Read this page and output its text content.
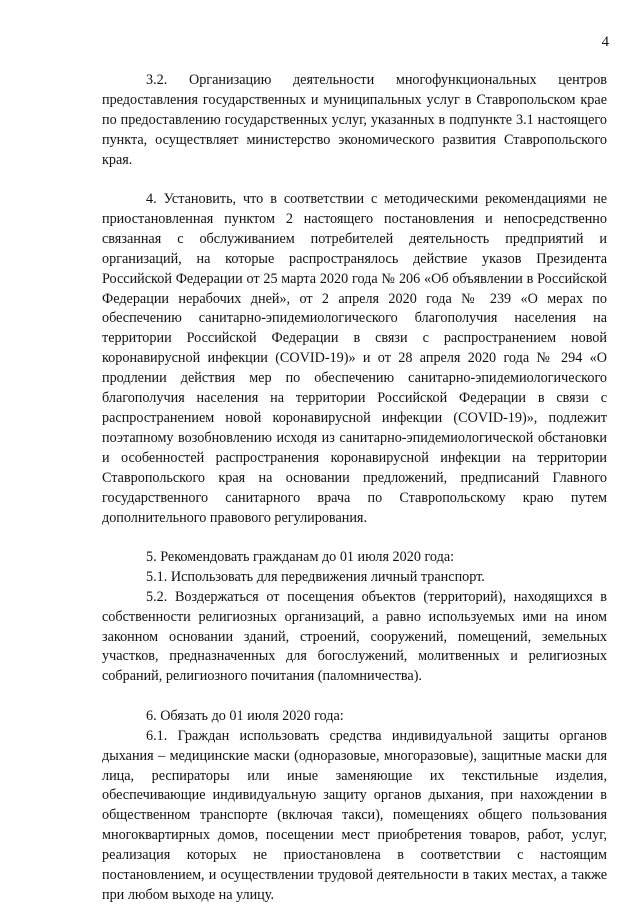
4

3.2. Организацию деятельности многофункциональных центров предоставления государственных и муниципальных услуг в Ставропольском крае по предоставлению государственных услуг, указанных в подпункте 3.1 настоящего пункта, осуществляет министерство экономического развития Ставропольского края.

4. Установить, что в соответствии с методическими рекомендациями не приостановленная пунктом 2 настоящего постановления и непосредственно связанная с обслуживанием потребителей деятельность предприятий и организаций, на которые распространялось действие указов Президента Российской Федерации от 25 марта 2020 года № 206 «Об объявлении в Российской Федерации нерабочих дней», от 2 апреля 2020 года № 239 «О мерах по обеспечению санитарно-эпидемиологического благополучия населения на территории Российской Федерации в связи с распространением новой коронавирусной инфекции (COVID-19)» и от 28 апреля 2020 года № 294 «О продлении действия мер по обеспечению санитарно-эпидемиологического благополучия населения на территории Российской Федерации в связи с распространением новой коронавирусной инфекции (COVID-19)», подлежит поэтапному возобновлению исходя из санитарно-эпидемиологической обстановки и особенностей распространения коронавирусной инфекции на территории Ставропольского края на основании предложений, предписаний Главного государственного санитарного врача по Ставропольскому краю путем дополнительного правового регулирования.

5. Рекомендовать гражданам до 01 июля 2020 года:

5.1. Использовать для передвижения личный транспорт.

5.2. Воздержаться от посещения объектов (территорий), находящихся в собственности религиозных организаций, а равно используемых ими на ином законном основании зданий, строений, сооружений, помещений, земельных участков, предназначенных для богослужений, молитвенных и религиозных собраний, религиозного почитания (паломничества).

6. Обязать до 01 июля 2020 года:

6.1. Граждан использовать средства индивидуальной защиты органов дыхания – медицинские маски (одноразовые, многоразовые), защитные маски для лица, респираторы или иные заменяющие их текстильные изделия, обеспечивающие индивидуальную защиту органов дыхания, при нахождении в общественном транспорте (включая такси), помещениях общего пользования многоквартирных домов, посещении мест приобретения товаров, работ, услуг, реализация которых не приостановлена в соответствии с настоящим постановлением, и осуществлении трудовой деятельности в таких местах, а также при любом выходе на улицу.
